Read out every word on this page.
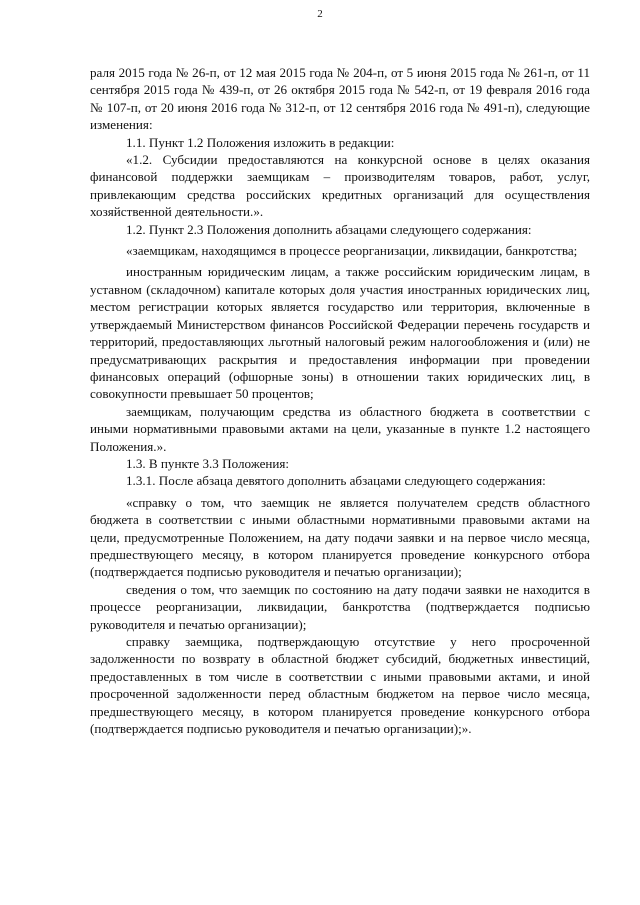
2

раля 2015 года № 26-п, от 12 мая 2015 года № 204-п, от 5 июня 2015 года № 261-п, от 11 сентября 2015 года № 439-п, от 26 октября 2015 года № 542-п, от 19 февраля 2016 года № 107-п, от 20 июня 2016 года № 312-п, от 12 сентября 2016 года № 491-п), следующие изменения:

1.1. Пункт 1.2 Положения изложить в редакции:

«1.2. Субсидии предоставляются на конкурсной основе в целях оказания финансовой поддержки заемщикам – производителям товаров, работ, услуг, привлекающим средства российских кредитных организаций для осуществления хозяйственной деятельности.».

1.2. Пункт 2.3 Положения дополнить абзацами следующего содержания:

«заемщикам, находящимся в процессе реорганизации, ликвидации, банкротства;

иностранным юридическим лицам, а также российским юридическим лицам, в уставном (складочном) капитале которых доля участия иностранных юридических лиц, местом регистрации которых является государство или территория, включенные в утверждаемый Министерством финансов Российской Федерации перечень государств и территорий, предоставляющих льготный налоговый режим налогообложения и (или) не предусматривающих раскрытия и предоставления информации при проведении финансовых операций (офшорные зоны) в отношении таких юридических лиц, в совокупности превышает 50 процентов;

заемщикам, получающим средства из областного бюджета в соответствии с иными нормативными правовыми актами на цели, указанные в пункте 1.2 настоящего Положения.».

1.3. В пункте 3.3 Положения:

1.3.1. После абзаца девятого дополнить абзацами следующего содержания:

«справку о том, что заемщик не является получателем средств областного бюджета в соответствии с иными областными нормативными правовыми актами на цели, предусмотренные Положением, на дату подачи заявки и на первое число месяца, предшествующего месяцу, в котором планируется проведение конкурсного отбора (подтверждается подписью руководителя и печатью организации);

сведения о том, что заемщик по состоянию на дату подачи заявки не находится в процессе реорганизации, ликвидации, банкротства (подтверждается подписью руководителя и печатью организации);

справку заемщика, подтверждающую отсутствие у него просроченной задолженности по возврату в областной бюджет субсидий, бюджетных инвестиций, предоставленных в том числе в соответствии с иными правовыми актами, и иной просроченной задолженности перед областным бюджетом на первое число месяца, предшествующего месяцу, в котором планируется проведение конкурсного отбора (подтверждается подписью руководителя и печатью организации);».
